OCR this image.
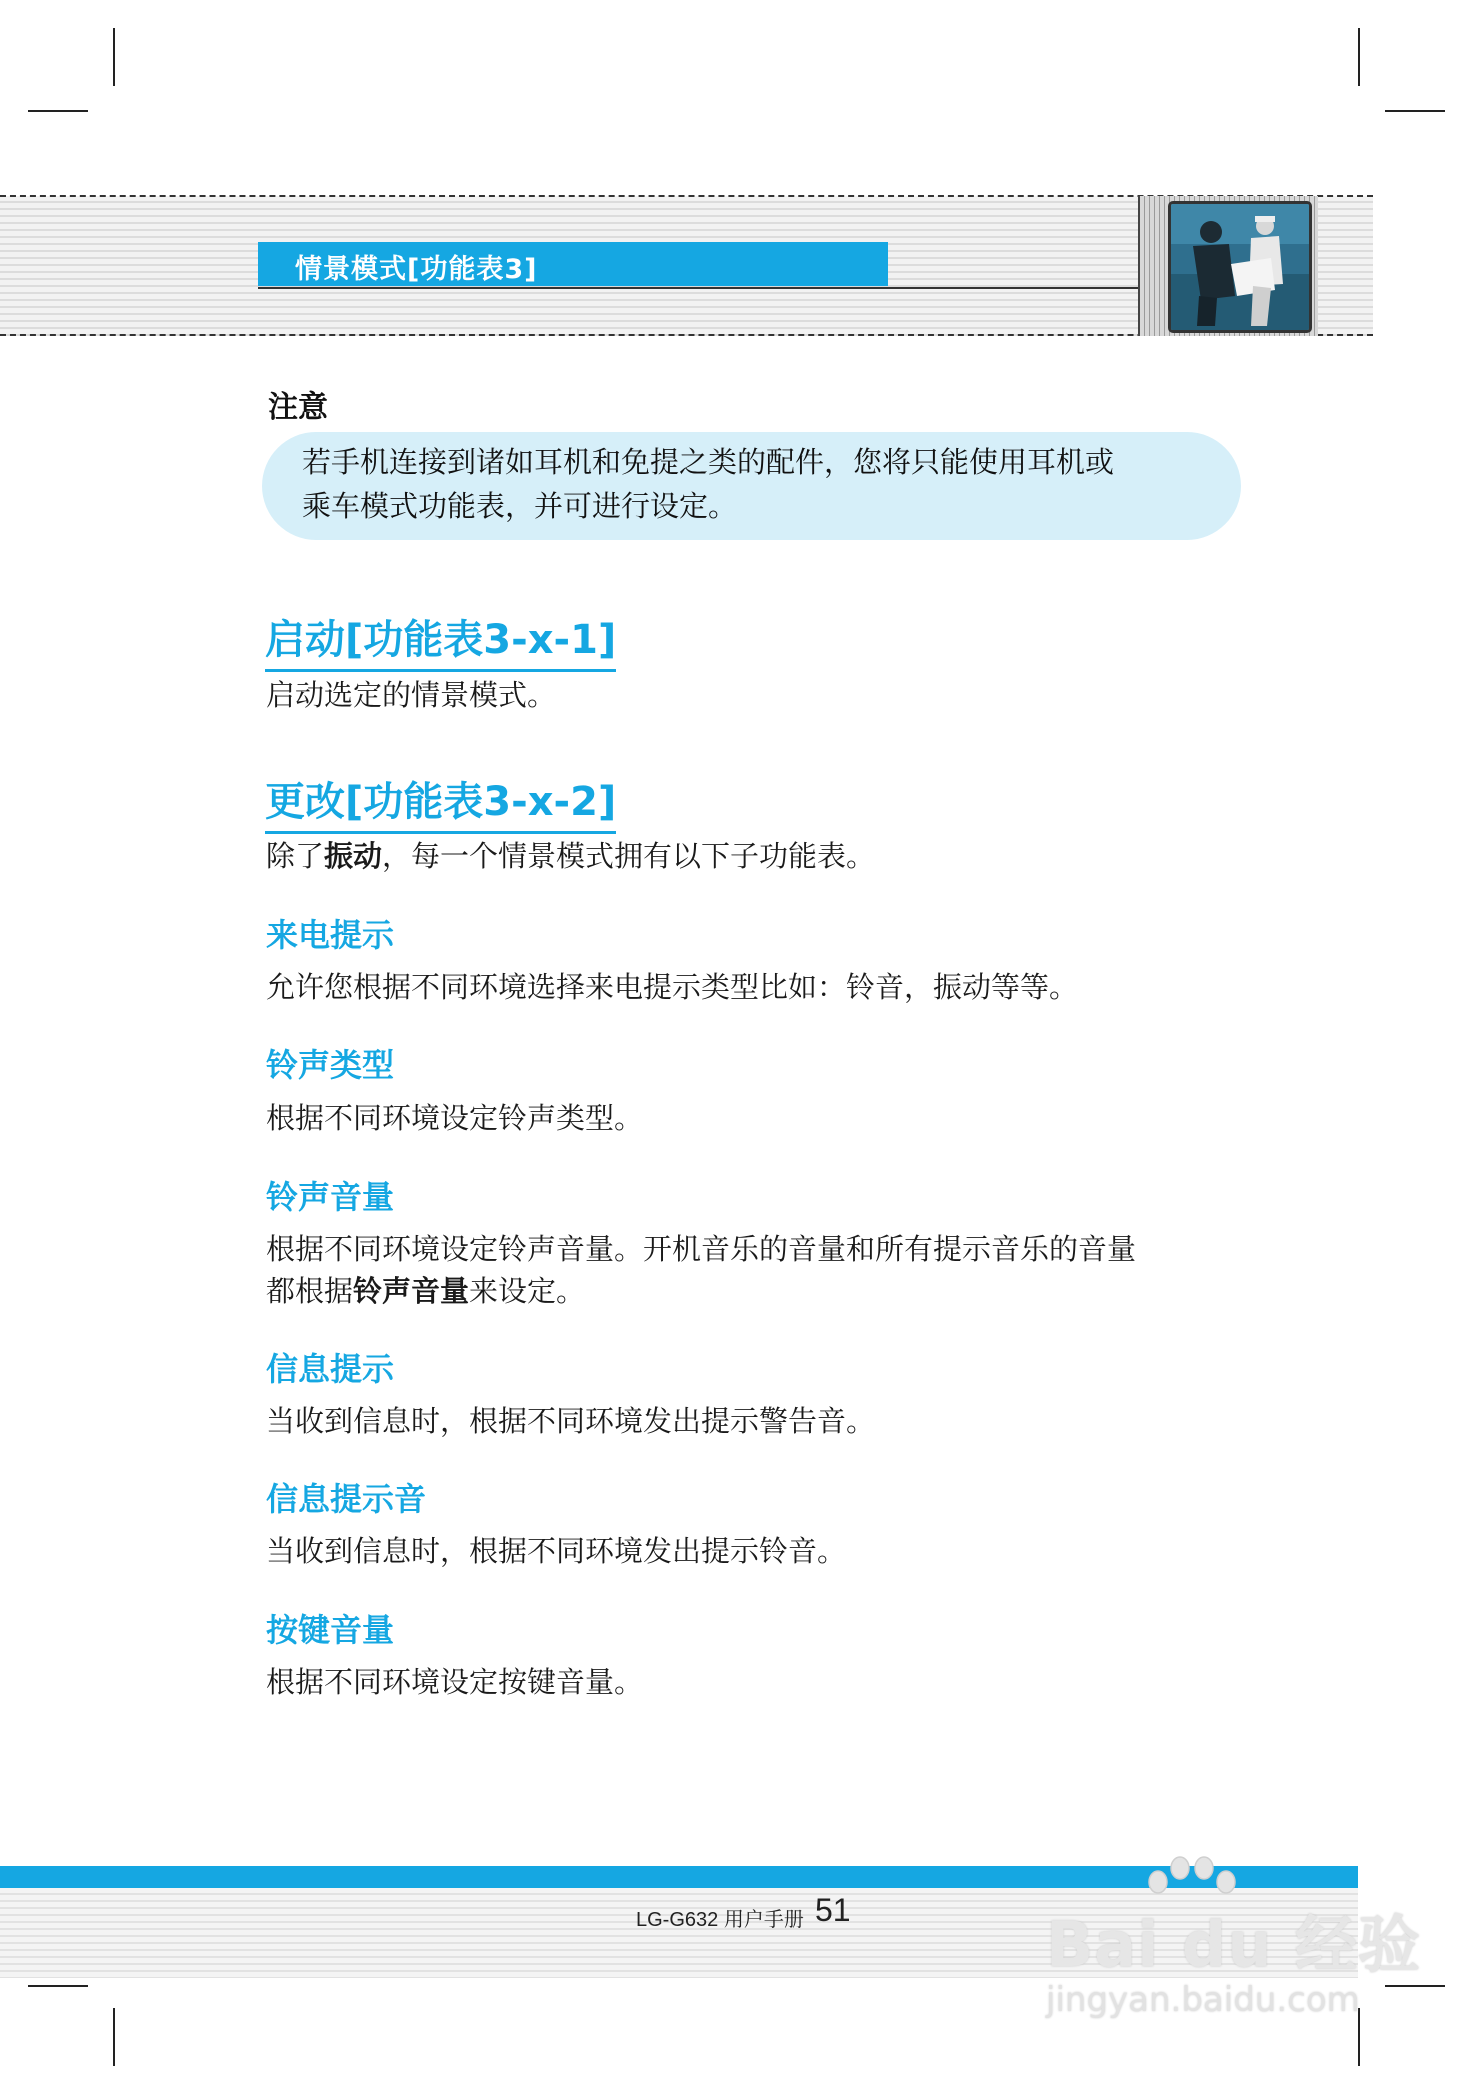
情景模式[功能表3]
注意
若手机连接到诸如耳机和免提之类的配件，您将只能使用耳机或
乘车模式功能表，并可进行设定。
启动[功能表3-x-1]
启动选定的情景模式。
更改[功能表3-x-2]
除了振动，每一个情景模式拥有以下子功能表。
来电提示
允许您根据不同环境选择来电提示类型比如：铃音，振动等等。
铃声类型
根据不同环境设定铃声类型。
铃声音量
根据不同环境设定铃声音量。开机音乐的音量和所有提示音乐的音量
都根据铃声音量来设定。
信息提示
当收到信息时，根据不同环境发出提示警告音。
信息提示音
当收到信息时，根据不同环境发出提示铃音。
按键音量
根据不同环境设定按键音量。
LG-G632 用户手册 51	Bai du 经验
jingyan.baidu.com
